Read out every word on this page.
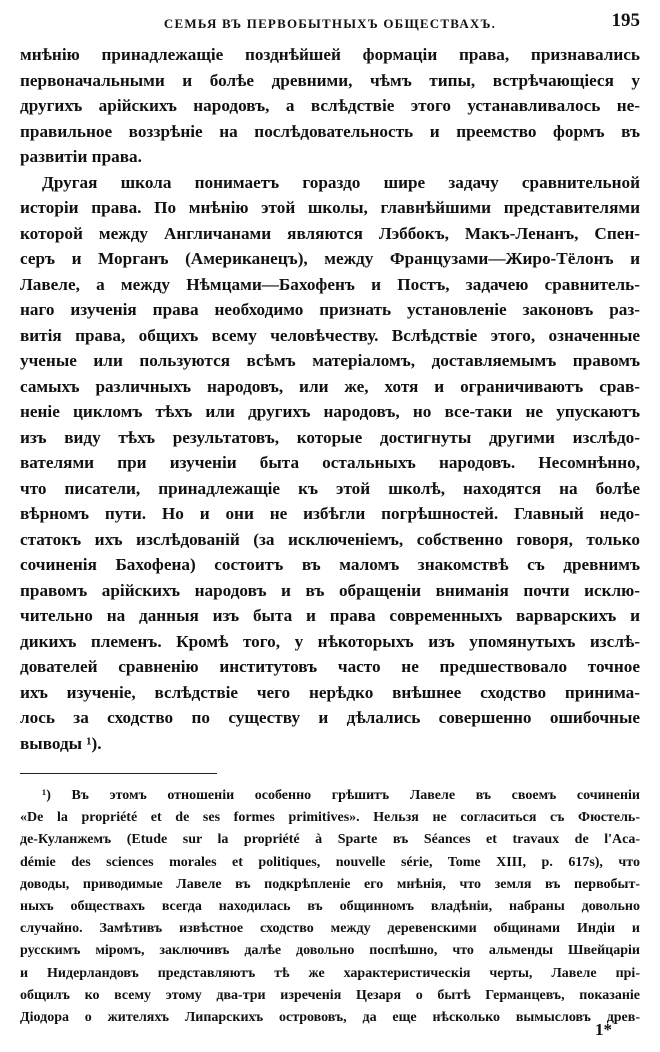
СЕМЬЯ ВЪ ПЕРВОБЫТНЫХЪ ОБЩЕСТВАХЪ.	195
мнѣнію принадлежащіе позднѣйшей формаціи права, признавались
первоначальными и болѣе древними, чѣмъ типы, встрѣчающіеся у
другихъ арійскихъ народовъ, а вслѣдствіе этого устанавливалось не-
правильное воззрѣніе на послѣдовательность и преемство формъ въ
развитіи права.
Другая школа понимаетъ гораздо шире задачу сравнительной
исторіи права. По мнѣнію этой школы, главнѣйшими представителями
которой между Англичанами являются Лэббокъ, Макъ-Ленанъ, Спен-
серъ и Морганъ (Американецъ), между Французами—Жиро-Тёлонъ и
Лавеле, а между Нѣмцами—Бахофенъ и Постъ, задачею сравнитель-
наго изученія права необходимо признать установленіе законовъ раз-
витія права, общихъ всему человѣчеству. Вслѣдствіе этого, означенные
ученые или пользуются всѣмъ матеріаломъ, доставляемымъ правомъ
самыхъ различныхъ народовъ, или же, хотя и ограничиваютъ срав-
неніе цикломъ тѣхъ или другихъ народовъ, но все-таки не упускаютъ
изъ виду тѣхъ результатовъ, которые достигнуты другими изслѣдо-
вателями при изученіи быта остальныхъ народовъ. Несомнѣнно,
что писатели, принадлежащіе къ этой школѣ, находятся на болѣе
вѣрномъ пути. Но и они не избѣгли погрѣшностей. Главный недо-
статокъ ихъ изслѣдованій (за исключеніемъ, собственно говоря, только
сочиненія Бахофена) состоитъ въ маломъ знакомствѣ съ древнимъ
правомъ арійскихъ народовъ и въ обращеніи вниманія почти исклю-
чительно на данныя изъ быта и права современныхъ варварскихъ и
дикихъ племенъ. Кромѣ того, у нѣкоторыхъ изъ упомянутыхъ изслѣ-
дователей сравненію институтовъ часто не предшествовало точное
ихъ изученіе, вслѣдствіе чего нерѣдко внѣшнее сходство принима-
лось за сходство по существу и дѣлались совершенно ошибочные
выводы ¹).
¹) Въ этомъ отношеніи особенно грѣшитъ Лавеле въ своемъ сочиненіи
«De la propriété et de ses formes primitives». Нельзя не согласиться съ Фюстель-
де-Куланжемъ (Etude sur la propriété à Sparte въ Séances et travaux de l'Aca-
démie des sciences morales et politiques, nouvelle série, Tome XIII, p. 617s), что
доводы, приводимые Лавеле въ подкрѣпленіе его мнѣнія, что земля въ первобыт-
ныхъ обществахъ всегда находилась въ общинномъ владѣніи, набраны довольно
случайно. Замѣтивъ извѣстное сходство между деревенскими общинами Индіи и
русскимъ міромъ, заключивъ далѣе довольно поспѣшно, что альменды Швейцаріи
и Нидерландовъ представляютъ тѣ же характеристическія черты, Лавеле прі-
общилъ ко всему этому два-три изреченія Цезаря о бытѣ Германцевъ, показаніе
Діодора о жителяхъ Липарскихъ острововъ, да еще нѣсколько вымысловъ древ-
1*
